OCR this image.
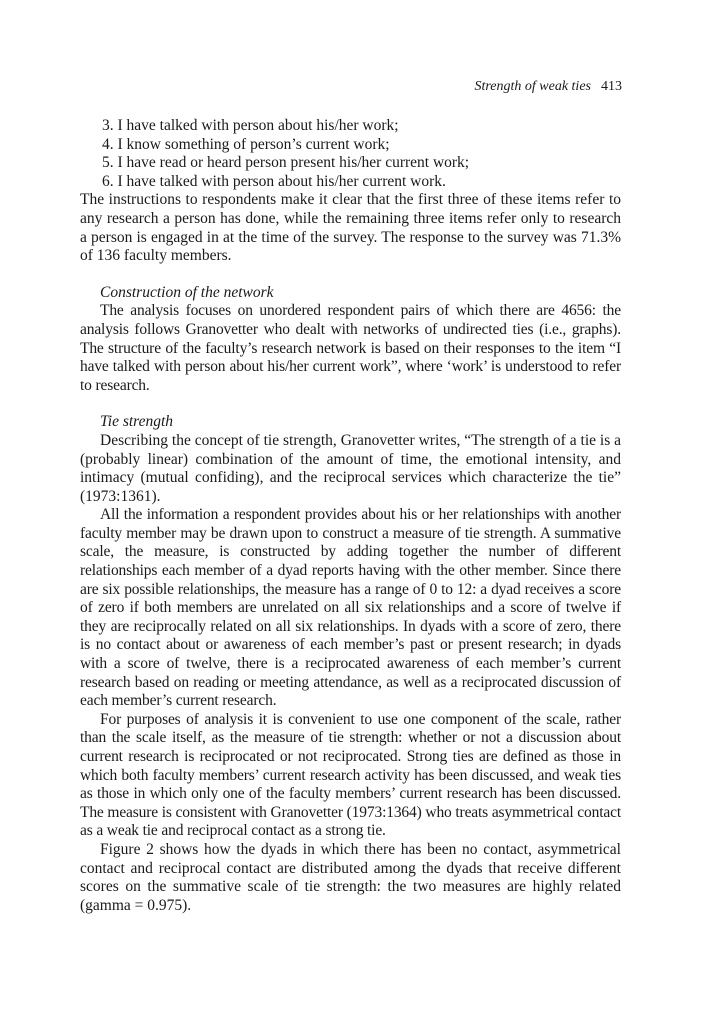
Strength of weak ties 413
3. I have talked with person about his/her work;
4. I know something of person’s current work;
5. I have read or heard person present his/her current work;
6. I have talked with person about his/her current work.

The instructions to respondents make it clear that the first three of these items refer to any research a person has done, while the remaining three items refer only to research a person is engaged in at the time of the survey. The response to the survey was 71.3% of 136 faculty members.

Construction of the network

The analysis focuses on unordered respondent pairs of which there are 4656: the analysis follows Granovetter who dealt with networks of undirected ties (i.e., graphs). The structure of the faculty’s research network is based on their responses to the item “I have talked with person about his/her current work”, where ‘work’ is understood to refer to research.

Tie strength

Describing the concept of tie strength, Granovetter writes, “The strength of a tie is a (probably linear) combination of the amount of time, the emotional intensity, and intimacy (mutual confiding), and the reciprocal services which characterize the tie” (1973:1361).

All the information a respondent provides about his or her relationships with another faculty member may be drawn upon to construct a measure of tie strength. A summative scale, the measure, is constructed by adding together the number of different relationships each member of a dyad reports having with the other member. Since there are six possible relationships, the measure has a range of 0 to 12: a dyad receives a score of zero if both members are unrelated on all six relationships and a score of twelve if they are reciprocally related on all six relationships. In dyads with a score of zero, there is no contact about or awareness of each member’s past or present research; in dyads with a score of twelve, there is a reciprocated awareness of each member’s current research based on reading or meeting attendance, as well as a reciprocated discussion of each member’s current research.

For purposes of analysis it is convenient to use one component of the scale, rather than the scale itself, as the measure of tie strength: whether or not a discussion about current research is reciprocated or not reciprocated. Strong ties are defined as those in which both faculty members’ current research activity has been discussed, and weak ties as those in which only one of the faculty members’ current research has been discussed. The measure is consistent with Granovetter (1973:1364) who treats asymmetrical contact as a weak tie and reciprocal contact as a strong tie.

Figure 2 shows how the dyads in which there has been no contact, asymmetrical contact and reciprocal contact are distributed among the dyads that receive different scores on the summative scale of tie strength: the two measures are highly related (gamma = 0.975).
